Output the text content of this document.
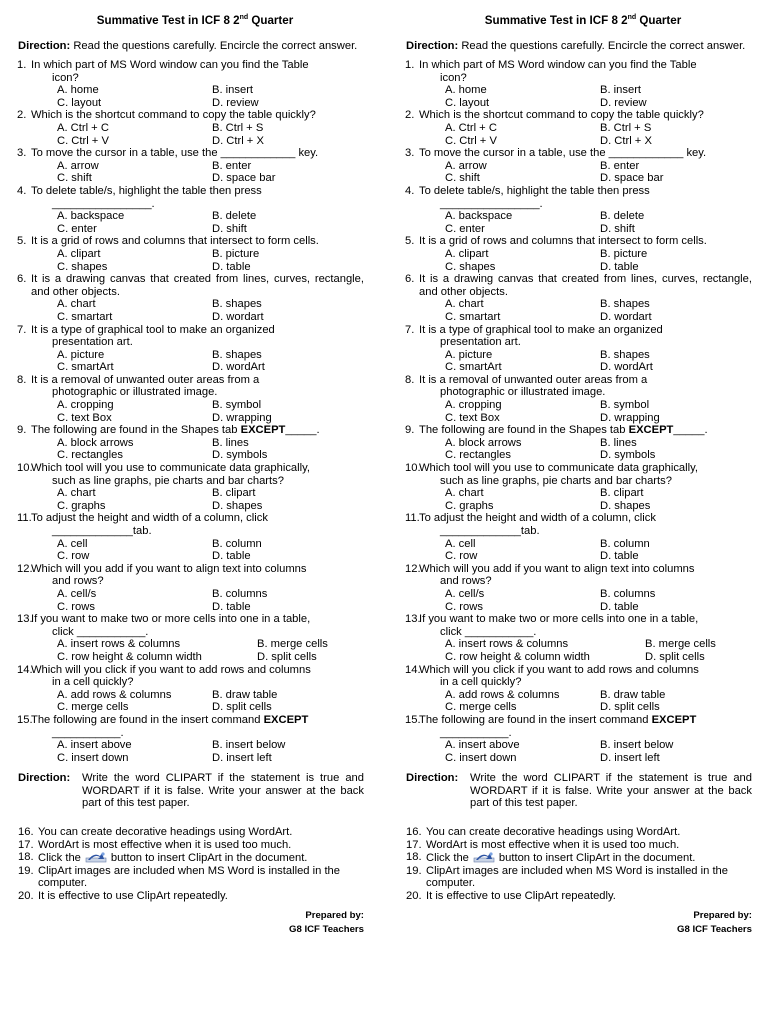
Summative Test in ICF 8 2nd Quarter
Direction: Read the questions carefully. Encircle the correct answer.
1. In which part of MS Word window can you find the Table
icon?
A. home	B. insert
C. layout	D. review
2. Which is the shortcut command to copy the table quickly?
A. Ctrl + C	B. Ctrl + S
C. Ctrl + V	D. Ctrl + X
3. To move the cursor in a table, use the ____________ key.
A. arrow	B. enter
C. shift	D. space bar
4. To delete table/s, highlight the table then press
________________.
A. backspace	B. delete
C. enter	D. shift
5. It is a grid of rows and columns that intersect to form cells.
A. clipart	B. picture
C. shapes	D. table
6. It is a drawing canvas that created from lines, curves, rectangle, and other objects.
A. chart	B. shapes
C. smartart	D. wordart
7. It is a type of graphical tool to make an organized
presentation art.
A. picture	B. shapes
C. smartArt	D. wordArt
8. It is a removal of unwanted outer areas from a
photographic or illustrated image.
A. cropping	B. symbol
C. text Box	D. wrapping
9. The following are found in the Shapes tab EXCEPT_____.
A. block arrows	B. lines
C. rectangles	D. symbols
10.
Which tool will you use to communicate data graphically,
such as line graphs, pie charts and bar charts?
A. chart	B. clipart
C. graphs	D. shapes
11. To adjust the height and width of a column, click
_____________tab.
A. cell	B. column
C. row	D. table
12.
Which will you add if you want to align text into columns
and rows?
A. cell/s	B. columns
C. rows	D. table
13.
If you want to make two or more cells into one in a table,
click ___________.
A. insert rows & columns	B. merge cells
C. row height & column width	D. split cells
14.
Which will you click if you want to add rows and columns
in a cell quickly?
A. add rows & columns	B. draw table
C. merge cells	D. split cells
15.
The following are found in the insert command EXCEPT
___________.
A. insert above	B. insert below
C. insert down	D. insert left
Direction:	Write the word CLIPART if the statement is true and WORDART if it is false. Write your answer at the back part of this test paper.
16. You can create decorative headings using WordArt.
17. WordArt is most effective when it is used too much.
18. Click the	button to insert ClipArt in the document.
19. ClipArt images are included when MS Word is installed in the computer.
20. It is effective to use ClipArt repeatedly.
Prepared by:
G8 ICF Teachers
Summative Test in ICF 8 2nd Quarter
Direction: Read the questions carefully. Encircle the correct answer.
1. In which part of MS Word window can you find the Table
icon?
A. home	B. insert
C. layout	D. review
2. Which is the shortcut command to copy the table quickly?
A. Ctrl + C	B. Ctrl + S
C. Ctrl + V	D. Ctrl + X
3. To move the cursor in a table, use the ____________ key.
A. arrow	B. enter
C. shift	D. space bar
4. To delete table/s, highlight the table then press
________________.
A. backspace	B. delete
C. enter	D. shift
5. It is a grid of rows and columns that intersect to form cells.
A. clipart	B. picture
C. shapes	D. table
6. It is a drawing canvas that created from lines, curves, rectangle, and other objects.
A. chart	B. shapes
C. smartart	D. wordart
7. It is a type of graphical tool to make an organized
presentation art.
A. picture	B. shapes
C. smartArt	D. wordArt
8. It is a removal of unwanted outer areas from a
photographic or illustrated image.
A. cropping	B. symbol
C. text Box	D. wrapping
9. The following are found in the Shapes tab EXCEPT_____.
A. block arrows	B. lines
C. rectangles	D. symbols
10.
Which tool will you use to communicate data graphically,
such as line graphs, pie charts and bar charts?
A. chart	B. clipart
C. graphs	D. shapes
11. To adjust the height and width of a column, click
_____________tab.
A. cell	B. column
C. row	D. table
12.
Which will you add if you want to align text into columns
and rows?
A. cell/s	B. columns
C. rows	D. table
13.
If you want to make two or more cells into one in a table,
click ___________.
A. insert rows & columns	B. merge cells
C. row height & column width	D. split cells
14.
Which will you click if you want to add rows and columns
in a cell quickly?
A. add rows & columns	B. draw table
C. merge cells	D. split cells
15.
The following are found in the insert command EXCEPT
___________.
A. insert above	B. insert below
C. insert down	D. insert left
Direction:	Write the word CLIPART if the statement is true and WORDART if it is false. Write your answer at the back part of this test paper.
16. You can create decorative headings using WordArt.
17. WordArt is most effective when it is used too much.
18. Click the	button to insert ClipArt in the document.
19. ClipArt images are included when MS Word is installed in the computer.
20. It is effective to use ClipArt repeatedly.
Prepared by:
G8 ICF Teachers
